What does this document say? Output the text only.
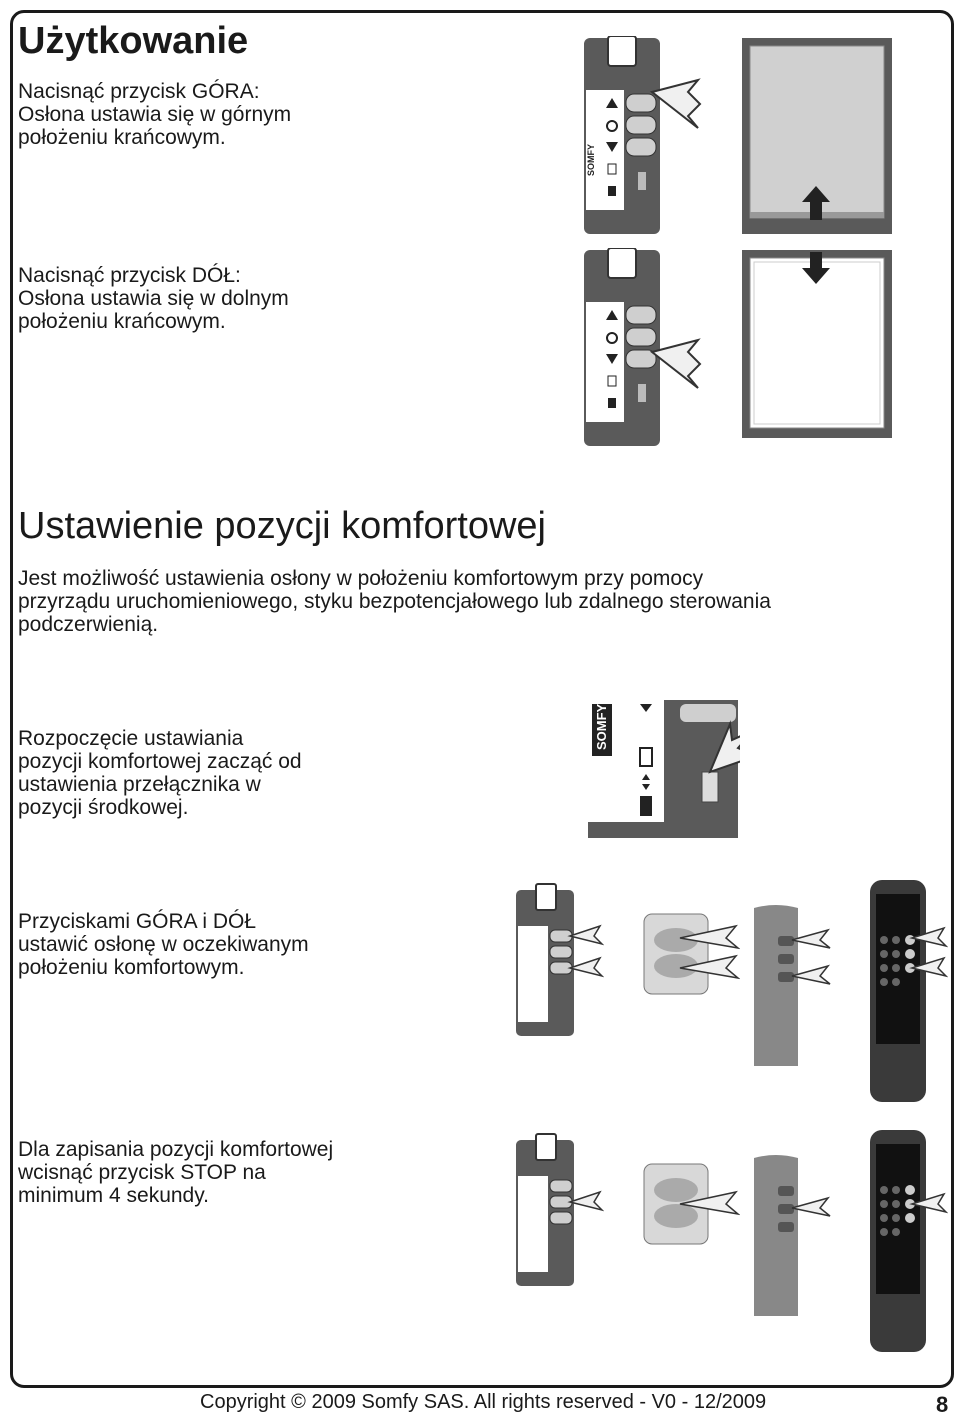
Użytkowanie
Nacisnąć przycisk GÓRA:
Osłona ustawia się w górnym
położeniu krańcowym.
Nacisnąć przycisk DÓŁ:
Osłona ustawia się w dolnym
położeniu krańcowym.
SOMFY
Ustawienie pozycji komfortowej
Jest możliwość ustawienia osłony w położeniu komfortowym przy pomocy
przyrządu uruchomieniowego, styku bezpotencjałowego lub zdalnego sterowania
podczerwienią.
Rozpoczęcie ustawiania
pozycji komfortowej zacząć od
ustawienia przełącznika w
pozycji środkowej.
SOMFY
Przyciskami GÓRA i DÓŁ
ustawić osłonę w oczekiwanym
położeniu komfortowym.
Dla zapisania pozycji komfortowej
wcisnąć przycisk STOP na
minimum 4 sekundy.
Copyright © 2009 Somfy SAS. All rights reserved - V0 - 12/2009	8
